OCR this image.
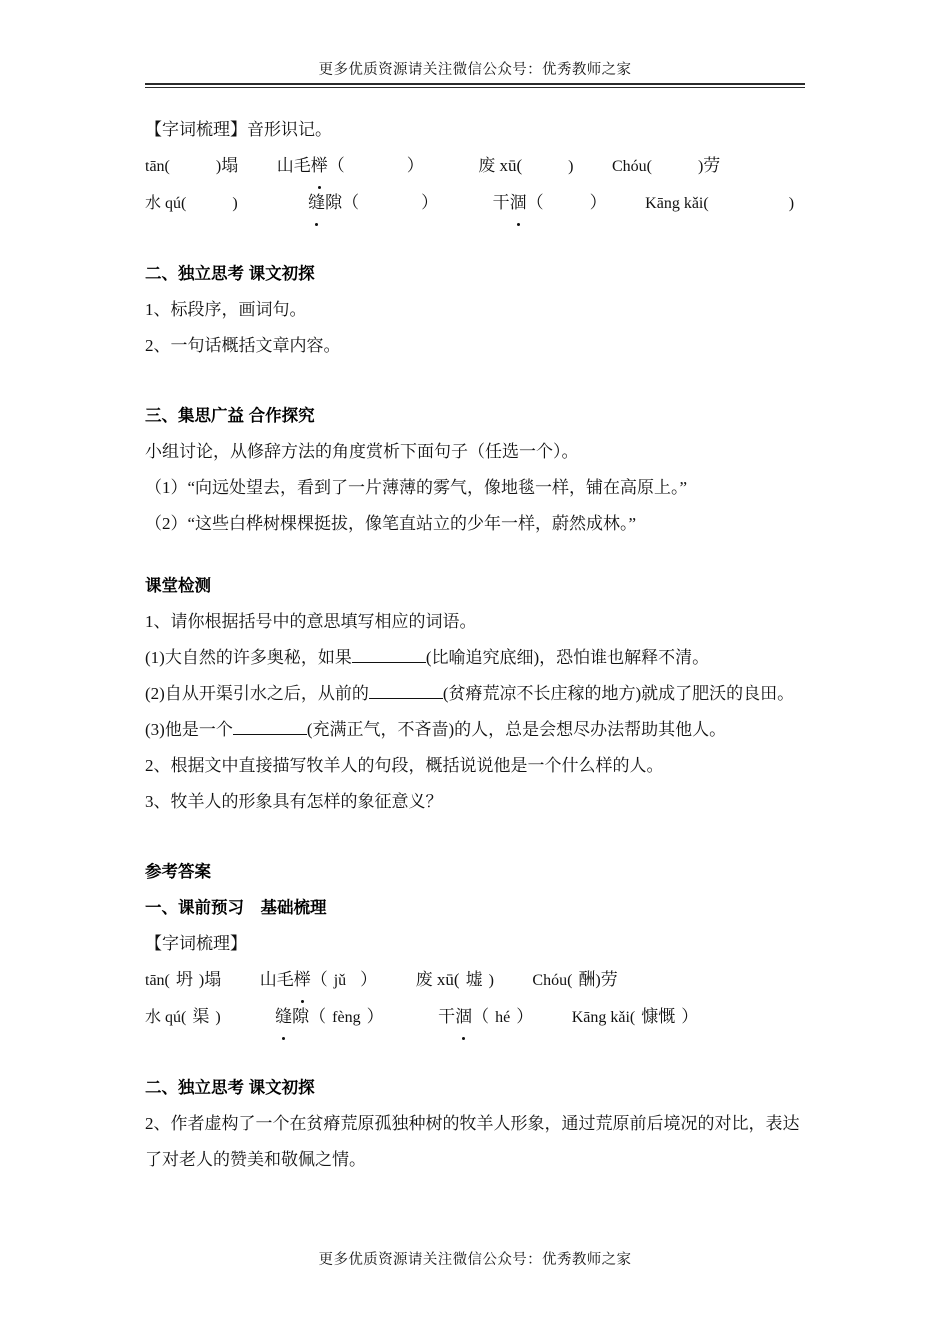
更多优质资源请关注微信公众号：优秀教师之家
【字词梳理】音形识记。
tān(	)塌 山毛榉（	）	废 xū(	) Chóu(	)劳
水 qú(	)	缝隙（	）	干涸（	） Kāng kǎi(	)
二、独立思考 课文初探
1、标段序，画词句。
2、一句话概括文章内容。
三、集思广益 合作探究
小组讨论，从修辞方法的角度赏析下面句子（任选一个）。
（1）“向远处望去，看到了一片薄薄的雾气，像地毯一样，铺在高原上。”
（2）“这些白桦树棵棵挺拔，像笔直站立的少年一样，蔚然成林。”
课堂检测
1、请你根据括号中的意思填写相应的词语。
(1)大自然的许多奥秘，如果	(比喻追究底细)，恐怕谁也解释不清。
(2)自从开渠引水之后，从前的	(贫瘠荒凉不长庄稼的地方)就成了肥沃的良田。
(3)他是一个	(充满正气，不吝啬)的人，总是会想尽办法帮助其他人。
2、根据文中直接描写牧羊人的句段，概括说说他是一个什么样的人。
3、牧羊人的形象具有怎样的象征意义？
参考答案
一、课前预习　基础梳理
【字词梳理】
tān( 坍 )塌 山毛榉（ jǔ ） 废 xū( 墟 ) Chóu( 酬)劳
水 qú( 渠 )	缝隙（ fèng ）	干涸（ hé ） Kāng kǎi( 慷慨 ）
二、独立思考 课文初探
2、作者虚构了一个在贫瘠荒原孤独种树的牧羊人形象，通过荒原前后境况的对比，表达了对老人的赞美和敬佩之情。
更多优质资源请关注微信公众号：优秀教师之家
